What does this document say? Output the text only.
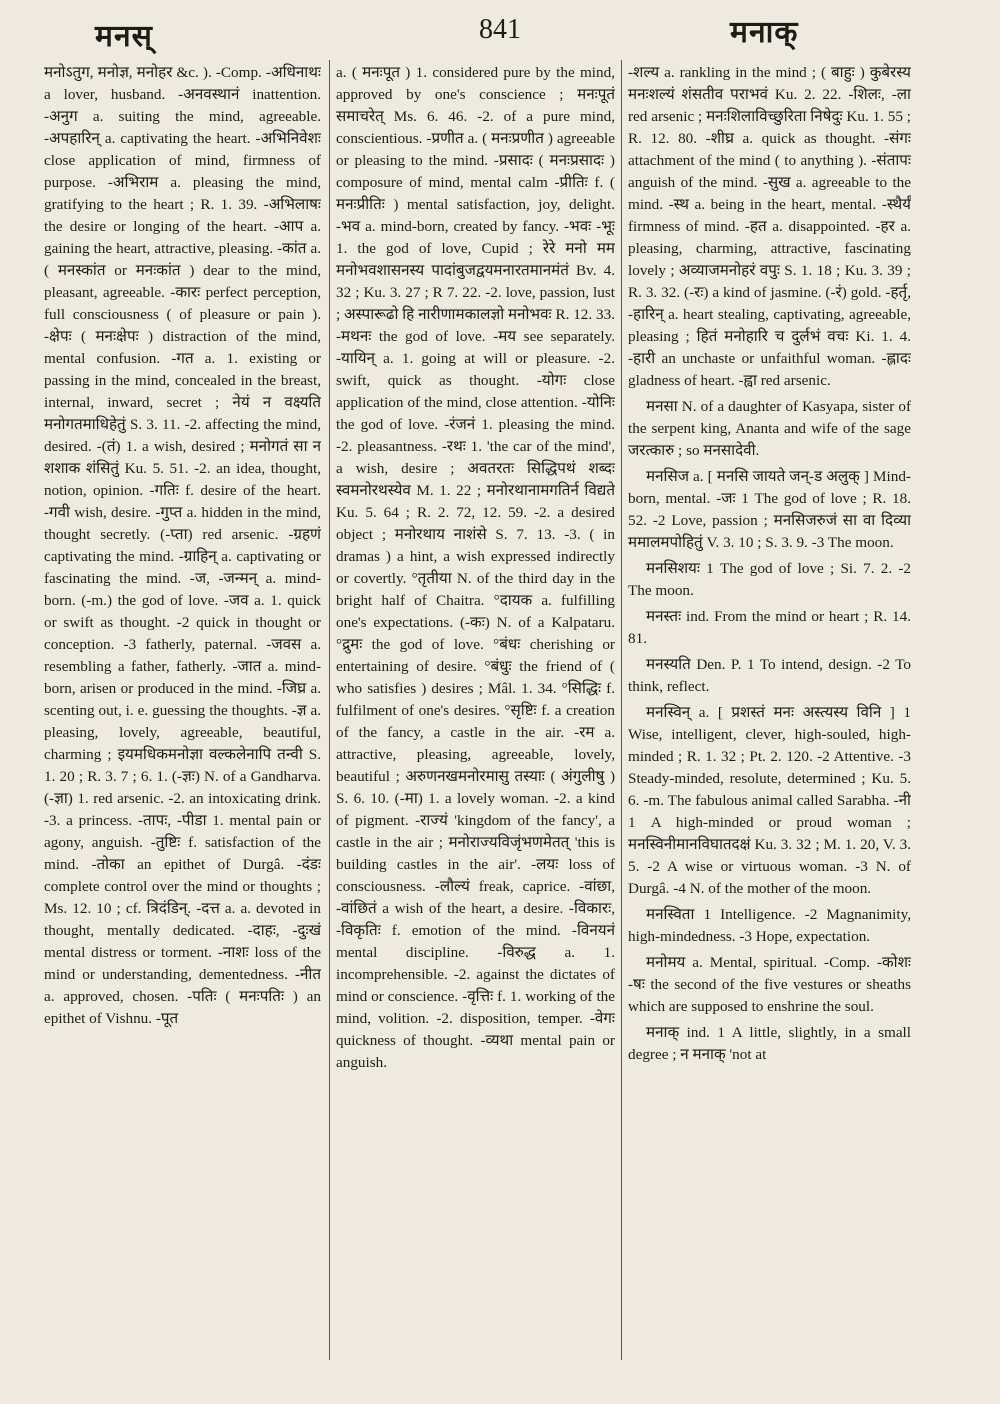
मनस्	841	मनाक्

मनोऽतुग, मनोज्ञ, मनोहर &c. ). -Comp. -अधिनाथः a lover, husband. -अनवस्थानं inattention. -अनुग a. suiting the mind, agreeable. -अपहारिन् a. captivating the heart. -अभिनिवेशः close application of mind, firmness of purpose. -अभिराम a. pleasing the mind, gratifying to the heart ; R. 1. 39. -अभिलाषः the desire or longing of the heart. -आप a. gaining the heart, attractive, pleasing. -कांत a. ( मनस्कांत or मनःकांत ) dear to the mind, pleasant, agreeable. -कारः perfect perception, full consciousness ( of pleasure or pain ). -क्षेपः ( मनःक्षेपः ) distraction of the mind, mental confusion. -गत a. 1. existing or passing in the mind, concealed in the breast, internal, inward, secret ; नेयं न वक्ष्यति मनोगतमाधिहेतुं S. 3. 11. -2. affecting the mind, desired. -(तं) 1. a wish, desired ; मनोगतं सा न शशाक शंसितुं Ku. 5. 51. -2. an idea, thought, notion, opinion. -गतिः f. desire of the heart. -गवी wish, desire. -गुप्त a. hidden in the mind, thought secretly. (-प्ता) red arsenic. -ग्रहणं captivating the mind. -ग्राहिन् a. captivating or fascinating the mind. -ज, -जन्मन् a. mind-born. (-m.) the god of love. -जव a. 1. quick or swift as thought. -2 quick in thought or conception. -3 fatherly, paternal. -जवस a. resembling a father, fatherly. -जात a. mind-born, arisen or produced in the mind. -जिघ्र a. scenting out, i. e. guessing the thoughts. -ज्ञ a. pleasing, lovely, agreeable, beautiful, charming ; इयमधिकमनोज्ञा वल्कलेनापि तन्वी S. 1. 20 ; R. 3. 7 ; 6. 1. (-ज्ञः) N. of a Gandharva. (-ज्ञा) 1. red arsenic. -2. an intoxicating drink. -3. a princess. -तापः, -पीडा 1. mental pain or agony, anguish. -तुष्टिः f. satisfaction of the mind. -तोका an epithet of Durgâ. -दंडः complete control over the mind or thoughts ; Ms. 12. 10 ; cf. त्रिदंडिन्. -दत्त a. a. devoted in thought, mentally dedicated. -दाहः, -दुःखं mental distress or torment. -नाशः loss of the mind or understanding, dementedness. -नीत a. approved, chosen. -पतिः ( मनःपतिः ) an epithet of Vishnu. -पूत

a. ( मनःपूत ) 1. considered pure by the mind, approved by one's conscience ; मनःपूतं समाचरेत् Ms. 6. 46. -2. of a pure mind, conscientious. -प्रणीत a. ( मनःप्रणीत ) agreeable or pleasing to the mind. -प्रसादः ( मनःप्रसादः ) composure of mind, mental calm -प्रीतिः f. ( मनःप्रीतिः ) mental satisfaction, joy, delight. -भव a. mind-born, created by fancy. -भवः -भूः 1. the god of love, Cupid ; रेरे मनो मम मनोभवशासनस्य पादांबुजद्वयमनारतमानमंतं Bv. 4. 32 ; Ku. 3. 27 ; R 7. 22. -2. love, passion, lust ; अस्पारूढो हि नारीणामकालज्ञो मनोभवः R. 12. 33. -मथनः the god of love. -मय see separately. -यायिन् a. 1. going at will or pleasure. -2. swift, quick as thought. -योगः close application of the mind, close attention. -योनिः the god of love. -रंजनं 1. pleasing the mind. -2. pleasantness. -रथः 1. 'the car of the mind', a wish, desire ; अवतरतः सिद्धिपथं शब्दः स्वमनोरथस्येव M. 1. 22 ; मनोरथानामगतिर्न विद्यते Ku. 5. 64 ; R. 2. 72, 12. 59. -2. a desired object ; मनोरथाय नाशंसे S. 7. 13. -3. ( in dramas ) a hint, a wish expressed indirectly or covertly. °तृतीया N. of the third day in the bright half of Chaitra. °दायक a. fulfilling one's expectations. (-कः) N. of a Kalpataru. °द्रुमः the god of love. °बंधः cherishing or entertaining of desire. °बंधुः the friend of ( who satisfies ) desires ; Mâl. 1. 34. °सिद्धिः f. fulfilment of one's desires. °सृष्टिः f. a creation of the fancy, a castle in the air. -रम a. attractive, pleasing, agreeable, lovely, beautiful ; अरुणनखमनोरमासु तस्याः ( अंगुलीषु ) S. 6. 10. (-मा) 1. a lovely woman. -2. a kind of pigment. -राज्यं 'kingdom of the fancy', a castle in the air ; मनोराज्यविजृंभणमेतत् 'this is building castles in the air'. -लयः loss of consciousness. -लौल्यं freak, caprice. -वांछा, -वांछितं a wish of the heart, a desire. -विकारः, -विकृतिः f. emotion of the mind. -विनयनं mental discipline. -विरुद्ध a. 1. incomprehensible. -2. against the dictates of mind or conscience. -वृत्तिः f. 1. working of the mind, volition. -2. disposition, temper. -वेगः quickness of thought. -व्यथा mental pain or anguish.

-शल्य a. rankling in the mind ; ( बाहुः ) कुबेरस्य मनःशल्यं शंसतीव पराभवं Ku. 2. 22. -शिलः, -ला red arsenic ; मनःशिलाविच्छुरिता निषेदुः Ku. 1. 55 ; R. 12. 80. -शीघ्र a. quick as thought. -संगः attachment of the mind ( to anything ). -संतापः anguish of the mind. -सुख a. agreeable to the mind. -स्थ a. being in the heart, mental. -स्थैर्यं firmness of mind. -हत a. disappointed. -हर a. pleasing, charming, attractive, fascinating lovely ; अव्याजमनोहरं वपुः S. 1. 18 ; Ku. 3. 39 ; R. 3. 32. (-रः) a kind of jasmine. (-रं) gold. -हर्तृ, -हारिन् a. heart stealing, captivating, agreeable, pleasing ; हितं मनोहारि च दुर्लभं वचः Ki. 1. 4. -हारी an unchaste or unfaithful woman. -ह्लादः gladness of heart. -ह्वा red arsenic.

मनसा N. of a daughter of Kasyapa, sister of the serpent king, Ananta and wife of the sage जरत्कारु ; so मनसादेवी.

मनसिज a. [ मनसि जायते जन्-ड अलुक् ] Mind-born, mental. -जः 1 The god of love ; R. 18. 52. -2 Love, passion ; मनसिजरुजं सा वा दिव्या ममालमपोहितुं V. 3. 10 ; S. 3. 9. -3 The moon.

मनसिशयः 1 The god of love ; Si. 7. 2. -2 The moon.

मनस्तः ind. From the mind or heart ; R. 14. 81.

मनस्यति Den. P. 1 To intend, design. -2 To think, reflect.

मनस्विन् a. [ प्रशस्तं मनः अस्त्यस्य विनि ] 1 Wise, intelligent, clever, high-souled, high-minded ; R. 1. 32 ; Pt. 2. 120. -2 Attentive. -3 Steady-minded, resolute, determined ; Ku. 5. 6. -m. The fabulous animal called Sarabha. -नी 1 A high-minded or proud woman ; मनस्विनीमानविघातदक्षं Ku. 3. 32 ; M. 1. 20, V. 3. 5. -2 A wise or virtuous woman. -3 N. of Durgâ. -4 N. of the mother of the moon.

मनस्विता 1 Intelligence. -2 Magnanimity, high-mindedness. -3 Hope, expectation.

मनोमय a. Mental, spiritual. -Comp. -कोशः -षः the second of the five vestures or sheaths which are supposed to enshrine the soul.

मनाक् ind. 1 A little, slightly, in a small degree ; न मनाक् 'not at
